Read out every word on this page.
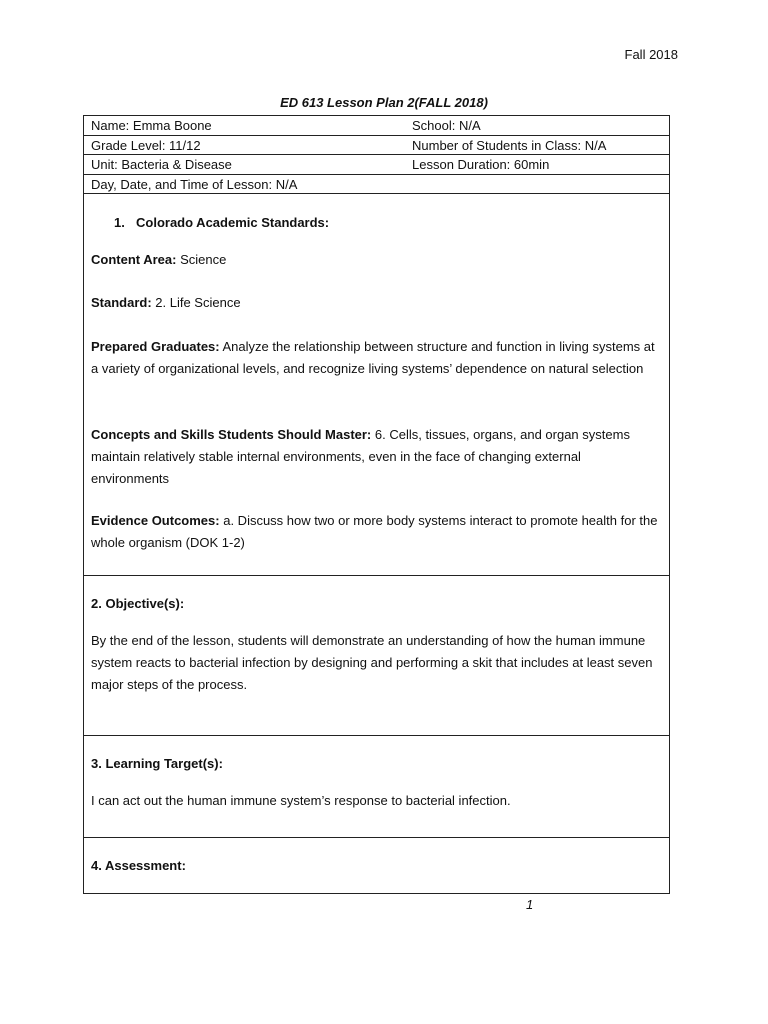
Fall 2018
ED 613 Lesson Plan 2(FALL 2018)
Name: Emma Boone	School: N/A
Grade Level: 11/12	Number of Students in Class: N/A
Unit: Bacteria & Disease	Lesson Duration: 60min
Day, Date, and Time of Lesson: N/A

1. Colorado Academic Standards:

Content Area: Science

Standard: 2. Life Science

Prepared Graduates: Analyze the relationship between structure and function in living systems at a variety of organizational levels, and recognize living systems’ dependence on natural selection

Concepts and Skills Students Should Master: 6. Cells, tissues, organs, and organ systems maintain relatively stable internal environments, even in the face of changing external environments

Evidence Outcomes: a. Discuss how two or more body systems interact to promote health for the whole organism (DOK 1-2)

2. Objective(s):

By the end of the lesson, students will demonstrate an understanding of how the human immune system reacts to bacterial infection by designing and performing a skit that includes at least seven major steps of the process.

3. Learning Target(s):

I can act out the human immune system’s response to bacterial infection.

4. Assessment:

1
